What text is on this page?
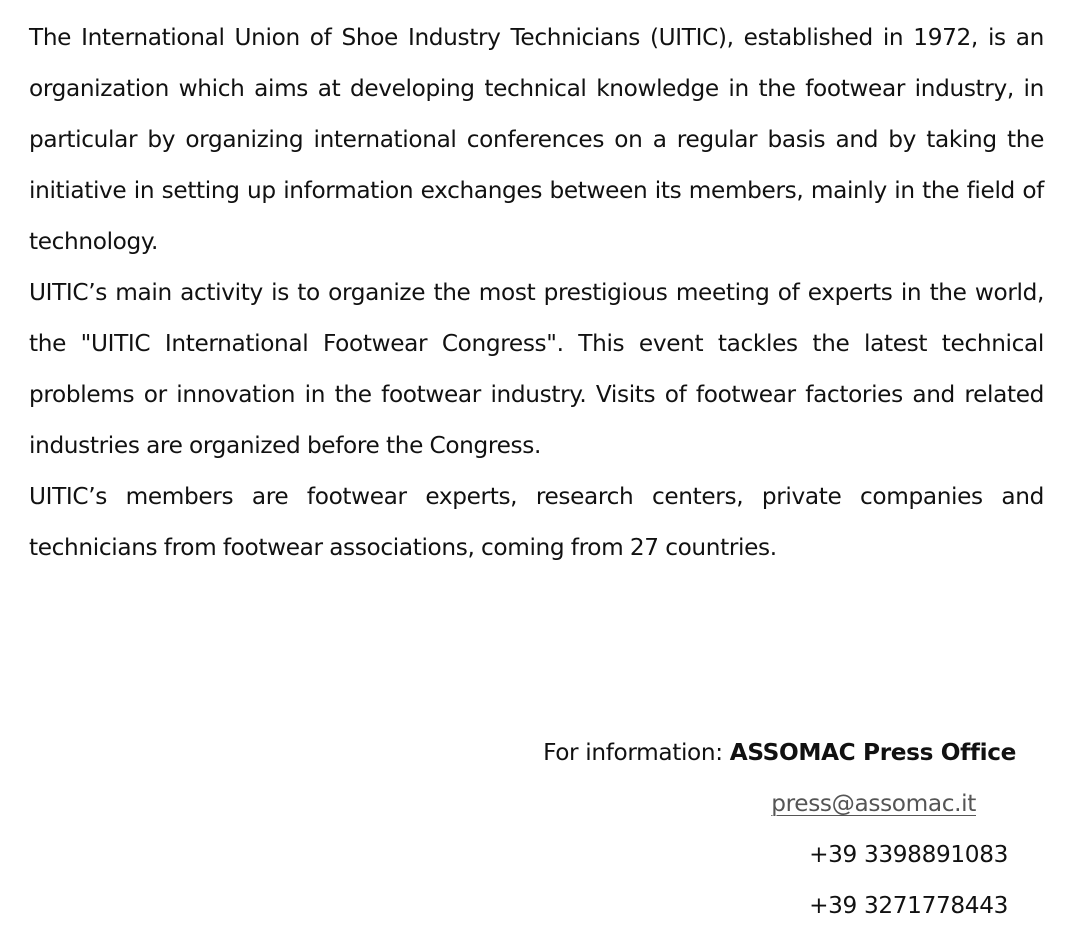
The International Union of Shoe Industry Technicians (UITIC), established in 1972, is an organization which aims at developing technical knowledge in the footwear industry, in particular by organizing international conferences on a regular basis and by taking the initiative in setting up information exchanges between its members, mainly in the field of technology.

UITIC’s main activity is to organize the most prestigious meeting of experts in the world, the "UITIC International Footwear Congress". This event tackles the latest technical problems or innovation in the footwear industry. Visits of footwear factories and related industries are organized before the Congress.

UITIC’s members are footwear experts, research centers, private companies and technicians from footwear associations, coming from 27 countries.

For information: ASSOMAC Press Office
press@assomac.it
+39 3398891083
+39 3271778443
